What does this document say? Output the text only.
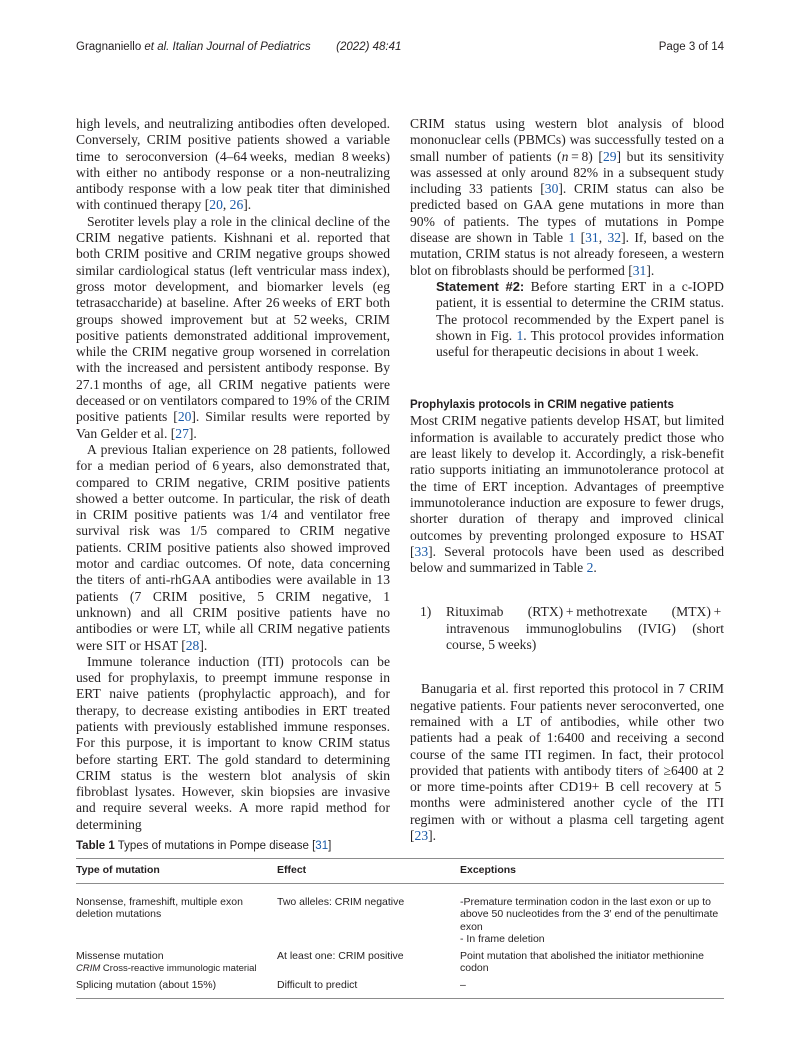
Gragnaniello et al. Italian Journal of Pediatrics        (2022) 48:41	Page 3 of 14

high levels, and neutralizing antibodies often developed. Conversely, CRIM positive patients showed a variable time to seroconversion (4–64 weeks, median 8 weeks) with either no antibody response or a non-neutralizing antibody response with a low peak titer that diminished with continued therapy [20, 26].

Serotiter levels play a role in the clinical decline of the CRIM negative patients. Kishnani et al. reported that both CRIM positive and CRIM negative groups showed similar cardiological status (left ventricular mass index), gross motor development, and biomarker levels (eg tetrasaccharide) at baseline. After 26 weeks of ERT both groups showed improvement but at 52 weeks, CRIM positive patients demonstrated additional improvement, while the CRIM negative group worsened in correlation with the increased and persistent antibody response. By 27.1 months of age, all CRIM negative patients were deceased or on ventilators compared to 19% of the CRIM positive patients [20]. Similar results were reported by Van Gelder et al. [27].

A previous Italian experience on 28 patients, followed for a median period of 6 years, also demonstrated that, compared to CRIM negative, CRIM positive patients showed a better outcome. In particular, the risk of death in CRIM positive patients was 1/4 and ventilator free survival risk was 1/5 compared to CRIM negative patients. CRIM positive patients also showed improved motor and cardiac outcomes. Of note, data concerning the titers of anti-rhGAA antibodies were available in 13 patients (7 CRIM positive, 5 CRIM negative, 1 unknown) and all CRIM positive patients have no antibodies or were LT, while all CRIM negative patients were SIT or HSAT [28].

Immune tolerance induction (ITI) protocols can be used for prophylaxis, to preempt immune response in ERT naive patients (prophylactic approach), and for therapy, to decrease existing antibodies in ERT treated patients with previously established immune responses. For this purpose, it is important to know CRIM status before starting ERT. The gold standard to determining CRIM status is the western blot analysis of skin fibroblast lysates. However, skin biopsies are invasive and require several weeks. A more rapid method for determining

CRIM status using western blot analysis of blood mononuclear cells (PBMCs) was successfully tested on a small number of patients (n = 8) [29] but its sensitivity was assessed at only around 82% in a subsequent study including 33 patients [30]. CRIM status can also be predicted based on GAA gene mutations in more than 90% of patients. The types of mutations in Pompe disease are shown in Table 1 [31, 32]. If, based on the mutation, CRIM status is not already foreseen, a western blot on fibroblasts should be performed [31].

Statement #2: Before starting ERT in a c-IOPD patient, it is essential to determine the CRIM status. The protocol recommended by the Expert panel is shown in Fig. 1. This protocol provides information useful for therapeutic decisions in about 1 week.

Prophylaxis protocols in CRIM negative patients

Most CRIM negative patients develop HSAT, but limited information is available to accurately predict those who are least likely to develop it. Accordingly, a risk-benefit ratio supports initiating an immunotolerance protocol at the time of ERT inception. Advantages of preemptive immunotolerance induction are exposure to fewer drugs, shorter duration of therapy and improved clinical outcomes by preventing prolonged exposure to HSAT [33]. Several protocols have been used as described below and summarized in Table 2.

1)	Rituximab (RTX) + methotrexate (MTX) + intravenous immunoglobulins (IVIG) (short course, 5 weeks)

Banugaria et al. first reported this protocol in 7 CRIM negative patients. Four patients never seroconverted, one remained with a LT of antibodies, while other two patients had a peak of 1:6400 and receiving a second course of the same ITI regimen. In fact, their protocol provided that patients with antibody titers of ≥6400 at 2 or more time-points after CD19+ B cell recovery at 5 months were administered another cycle of the ITI regimen with or without a plasma cell targeting agent [23].

Table 1 Types of mutations in Pompe disease [31]
Type of mutation	Effect	Exceptions
Nonsense, frameshift, multiple exon deletion mutations	Two alleles: CRIM negative	-Premature termination codon in the last exon or up to above 50 nucleotides from the 3′ end of the penultimate exon
- In frame deletion
Missense mutation	At least one: CRIM positive	Point mutation that abolished the initiator methionine codon
Splicing mutation (about 15%)	Difficult to predict	–
CRIM Cross-reactive immunologic material
